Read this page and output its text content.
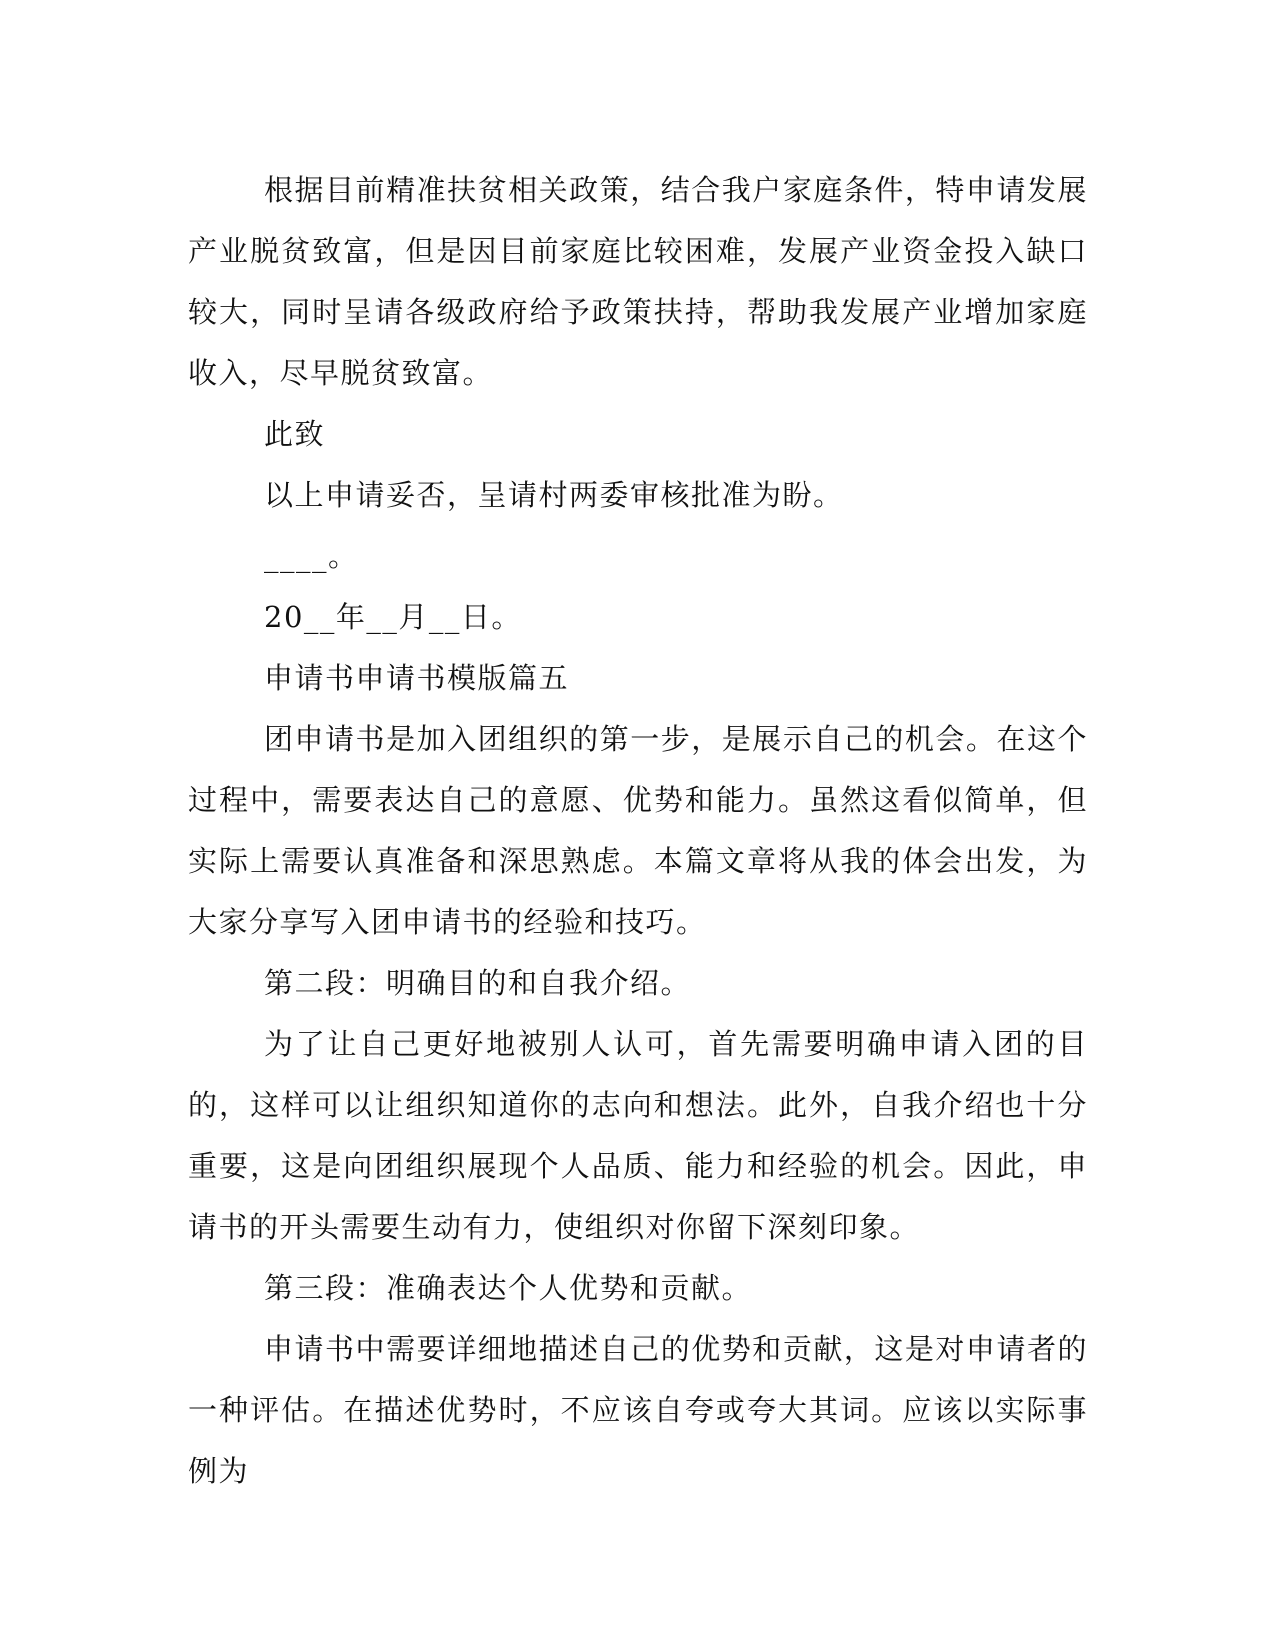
根据目前精准扶贫相关政策，结合我户家庭条件，特申请发展产业脱贫致富，但是因目前家庭比较困难，发展产业资金投入缺口较大，同时呈请各级政府给予政策扶持，帮助我发展产业增加家庭收入，尽早脱贫致富。

此致

以上申请妥否，呈请村两委审核批准为盼。

____。

20__年__月__日。

申请书申请书模版篇五

团申请书是加入团组织的第一步，是展示自己的机会。在这个过程中，需要表达自己的意愿、优势和能力。虽然这看似简单，但实际上需要认真准备和深思熟虑。本篇文章将从我的体会出发，为大家分享写入团申请书的经验和技巧。

第二段：明确目的和自我介绍。

为了让自己更好地被别人认可，首先需要明确申请入团的目的，这样可以让组织知道你的志向和想法。此外，自我介绍也十分重要，这是向团组织展现个人品质、能力和经验的机会。因此，申请书的开头需要生动有力，使组织对你留下深刻印象。

第三段：准确表达个人优势和贡献。

申请书中需要详细地描述自己的优势和贡献，这是对申请者的一种评估。在描述优势时，不应该自夸或夸大其词。应该以实际事例为
